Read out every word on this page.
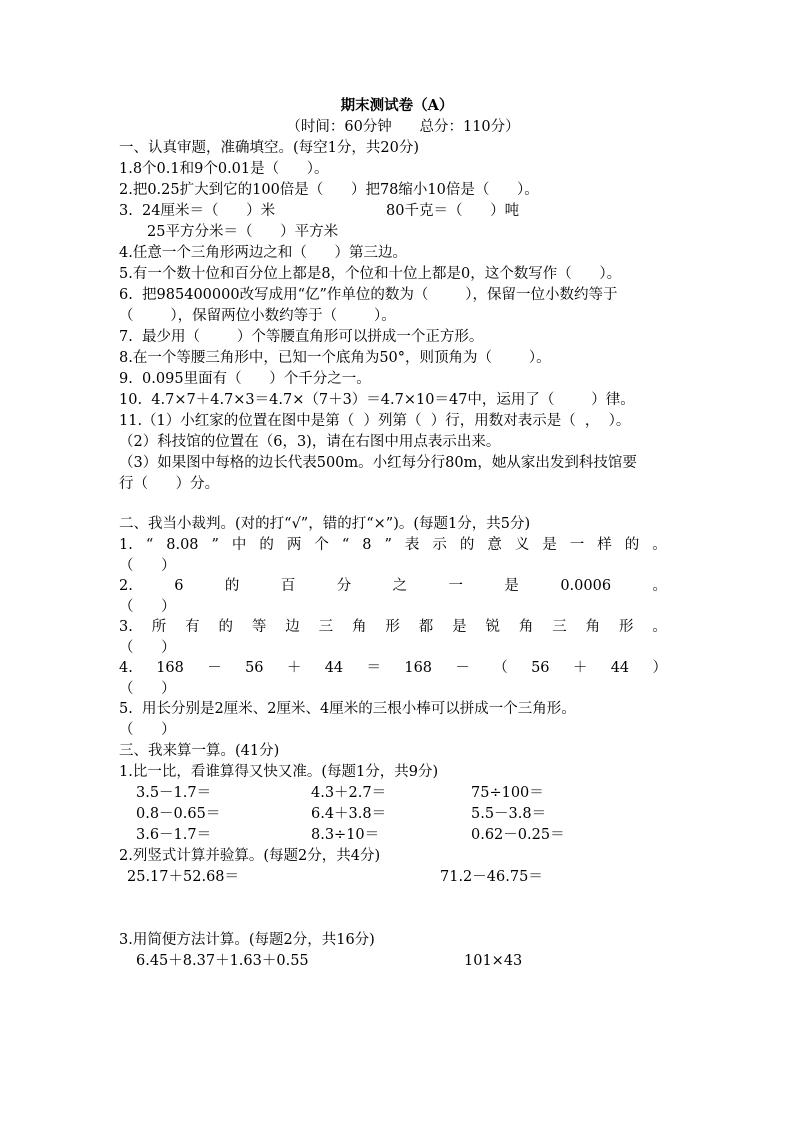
期末测试卷（A）
（时间：60分钟      总分：110分）
一、认真审题，准确填空。(每空1分，共20分)
1.8个0.1和9个0.01是（      ）。
2.把0.25扩大到它的100倍是（      ）把78缩小10倍是（      ）。
3.  24厘米＝（      ）米	80千克＝（      ）吨
25平方分米＝（      ）平方米
4.任意一个三角形两边之和（      ）第三边。
5.有一个数十位和百分位上都是8，个位和十位上都是0，这个数写作（      ）。
6.  把985400000改写成用“亿”作单位的数为（        ），保留一位小数约等于
（        ），保留两位小数约等于（        ）。
7.  最少用（        ）个等腰直角形可以拼成一个正方形。
8.在一个等腰三角形中，已知一个底角为50°，则顶角为（        ）。
9.  0.095里面有（      ）个千分之一。
10.  4.7×7＋4.7×3＝4.7×（7＋3）＝4.7×10＝47中，运用了（        ）律。
11.（1）小红家的位置在图中是第（  ）列第（  ）行，用数对表示是（  ，  ）。
（2）科技馆的位置在（6，3)，请在右图中用点表示出来。
（3）如果图中每格的边长代表500m。小红每分行80m，她从家出发到科技馆要
行（      ）分。
二、我当小裁判。(对的打“√”，错的打“×”)。(每题1分，共5分)
1. “ 8.08 ” 中 的 两 个 “ 8 ” 表 示 的 意 义 是 一 样 的 。
（      ）
2.	6	的	百	分	之	一	是	0.0006	。
（      ）
3. 所 有 的 等 边 三 角 形 都 是 锐 角 三 角 形 。
（      ）
4. 168 － 56 ＋ 44 ＝ 168 － （ 56 ＋ 44 ）
（      ）
5.  用长分别是2厘米、2厘米、4厘米的三根小棒可以拼成一个三角形。
（      ）
三、我来算一算。(41分)
1.比一比，看谁算得又快又准。(每题1分，共9分)
3.5－1.7＝	4.3＋2.7＝	75÷100＝
0.8－0.65＝	6.4＋3.8＝	5.5－3.8＝
3.6－1.7＝	8.3÷10＝	0.62－0.25＝
2.列竖式计算并验算。(每题2分，共4分)
25.17＋52.68＝	71.2－46.75＝
3.用简便方法计算。(每题2分，共16分)
6.45＋8.37＋1.63＋0.55	101×43
